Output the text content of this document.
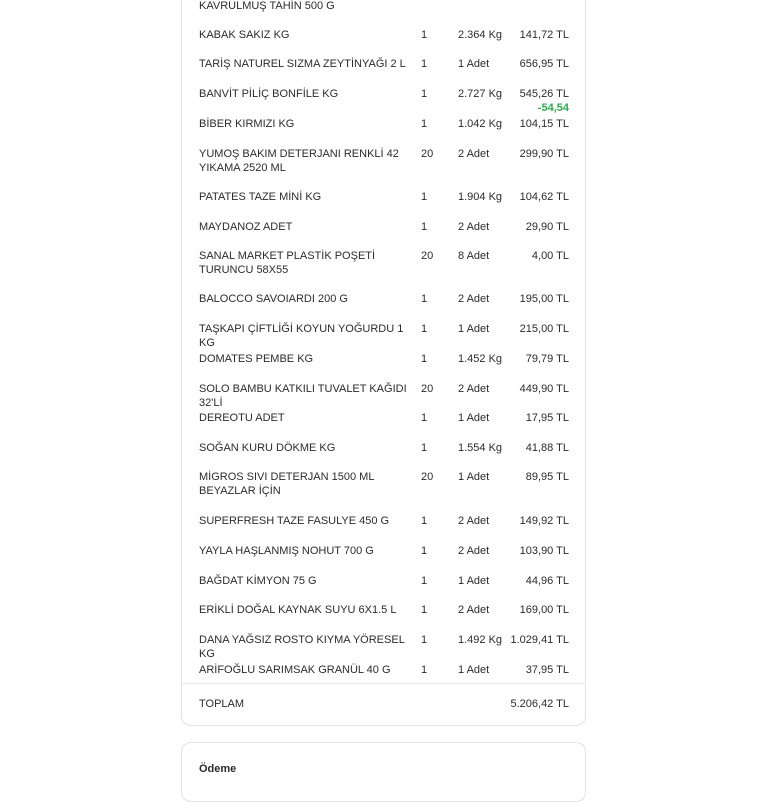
KAVRULMUŞ TAHİN 500 G
KABAK SAKIZ KG	1	2.364 Kg	141,72 TL
TARİŞ NATUREL SIZMA ZEYTİNYAĞI 2 L	1	1 Adet	656,95 TL
BANVİT PİLİÇ BONFİLE KG	1	2.727 Kg	545,26 TL
-54,54
BİBER KIRMIZI KG	1	1.042 Kg	104,15 TL
YUMOŞ BAKIM DETERJANI RENKLİ 42 YIKAMA 2520 ML
20	2 Adet	299,90 TL
PATATES TAZE MİNİ KG	1	1.904 Kg	104,62 TL
MAYDANOZ ADET	1	2 Adet	29,90 TL
SANAL MARKET PLASTİK POŞETİ TURUNCU 58X55
20	8 Adet	4,00 TL
BALOCCO SAVOIARDI 200 G	1	2 Adet	195,00 TL
TAŞKAPI ÇİFTLİĞİ KOYUN YOĞURDU 1 KG
1	1 Adet	215,00 TL
DOMATES PEMBE KG	1	1.452 Kg	79,79 TL
SOLO BAMBU KATKILI TUVALET KAĞIDI 32'Lİ
20	2 Adet	449,90 TL
DEREOTU ADET	1	1 Adet	17,95 TL
SOĞAN KURU DÖKME KG	1	1.554 Kg	41,88 TL
MİGROS SIVI DETERJAN 1500 ML BEYAZLAR İÇİN
20	1 Adet	89,95 TL
SUPERFRESH TAZE FASULYE 450 G	1	2 Adet	149,92 TL
YAYLA HAŞLANMIŞ NOHUT 700 G	1	2 Adet	103,90 TL
BAĞDAT KİMYON 75 G	1	1 Adet	44,96 TL
ERİKLİ DOĞAL KAYNAK SUYU 6X1.5 L	1	2 Adet	169,00 TL
DANA YAĞSIZ ROSTO KIYMA YÖRESEL KG
1	1.492 Kg 1.029,41 TL
ARİFOĞLU SARIMSAK GRANÜL 40 G	1	1 Adet	37,95 TL
TOPLAM	5.206,42 TL
Ödeme
